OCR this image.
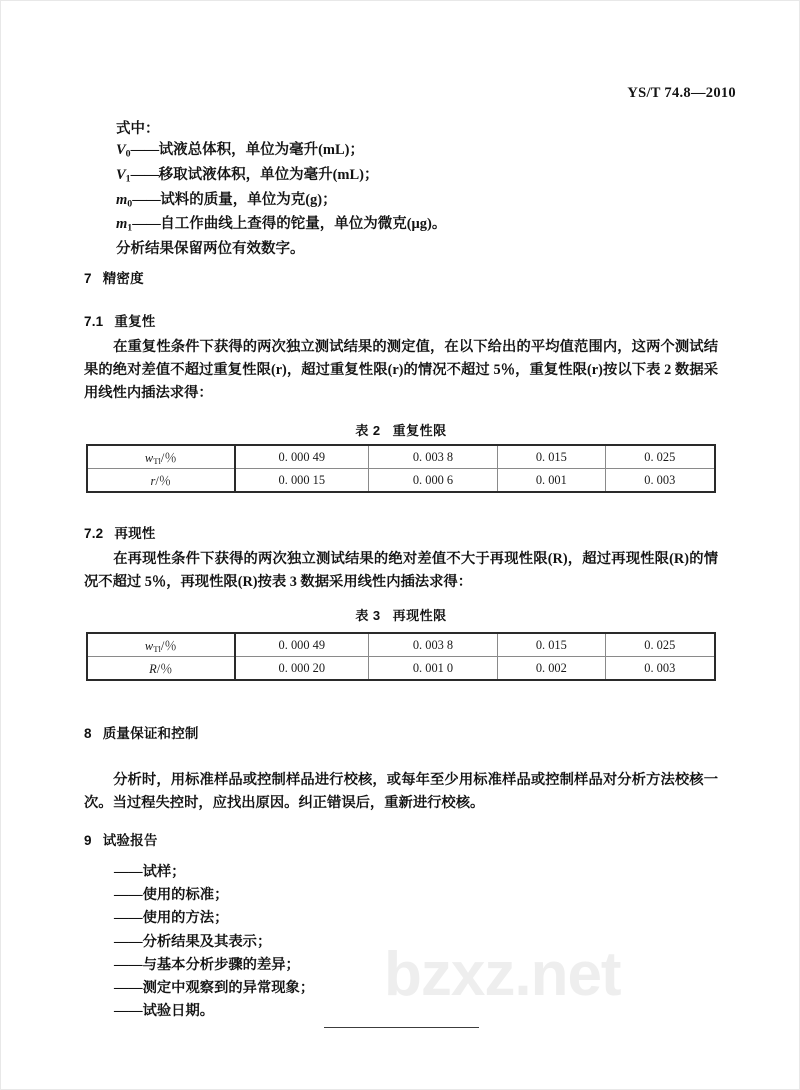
bzxz.net
YS/T 74.8—2010
式中：
$V_0——$试液总体积，单位为毫升(mL)；
$V_1——$移取试液体积，单位为毫升(mL)；
$m_0——$试料的质量，单位为克(g)；
$m_1——$自工作曲线上查得的铊量，单位为微克(μg)。
分析结果保留两位有效数字。
7 精密度
7.1 重复性
在重复性条件下获得的两次独立测试结果的测定值，在以下给出的平均值范围内，这两个测试结果的绝对差值不超过重复性限(r)，超过重复性限(r)的情况不超过 5％，重复性限(r)按以下表 2 数据采用线性内插法求得：
表 2 重复性限
$w_{Tl}/$％	0. 000 49	0. 003 8	0. 015	0. 025
r/％	0. 000 15	0. 000 6	0. 001	0. 003
7.2 再现性
在再现性条件下获得的两次独立测试结果的绝对差值不大于再现性限(R)，超过再现性限(R)的情况不超过 5％，再现性限(R)按表 3 数据采用线性内插法求得：
表 3 再现性限
$w_{Tl}/$％	0. 000 49	0. 003 8	0. 015	0. 025
R/％	0. 000 20	0. 001 0	0. 002	0. 003
8 质量保证和控制
分析时，用标准样品或控制样品进行校核，或每年至少用标准样品或控制样品对分析方法校核一次。当过程失控时，应找出原因。纠正错误后，重新进行校核。
9 试验报告
——试样；
——使用的标准；
——使用的方法；
——分析结果及其表示；
——与基本分析步骤的差异；
——测定中观察到的异常现象；
——试验日期。
